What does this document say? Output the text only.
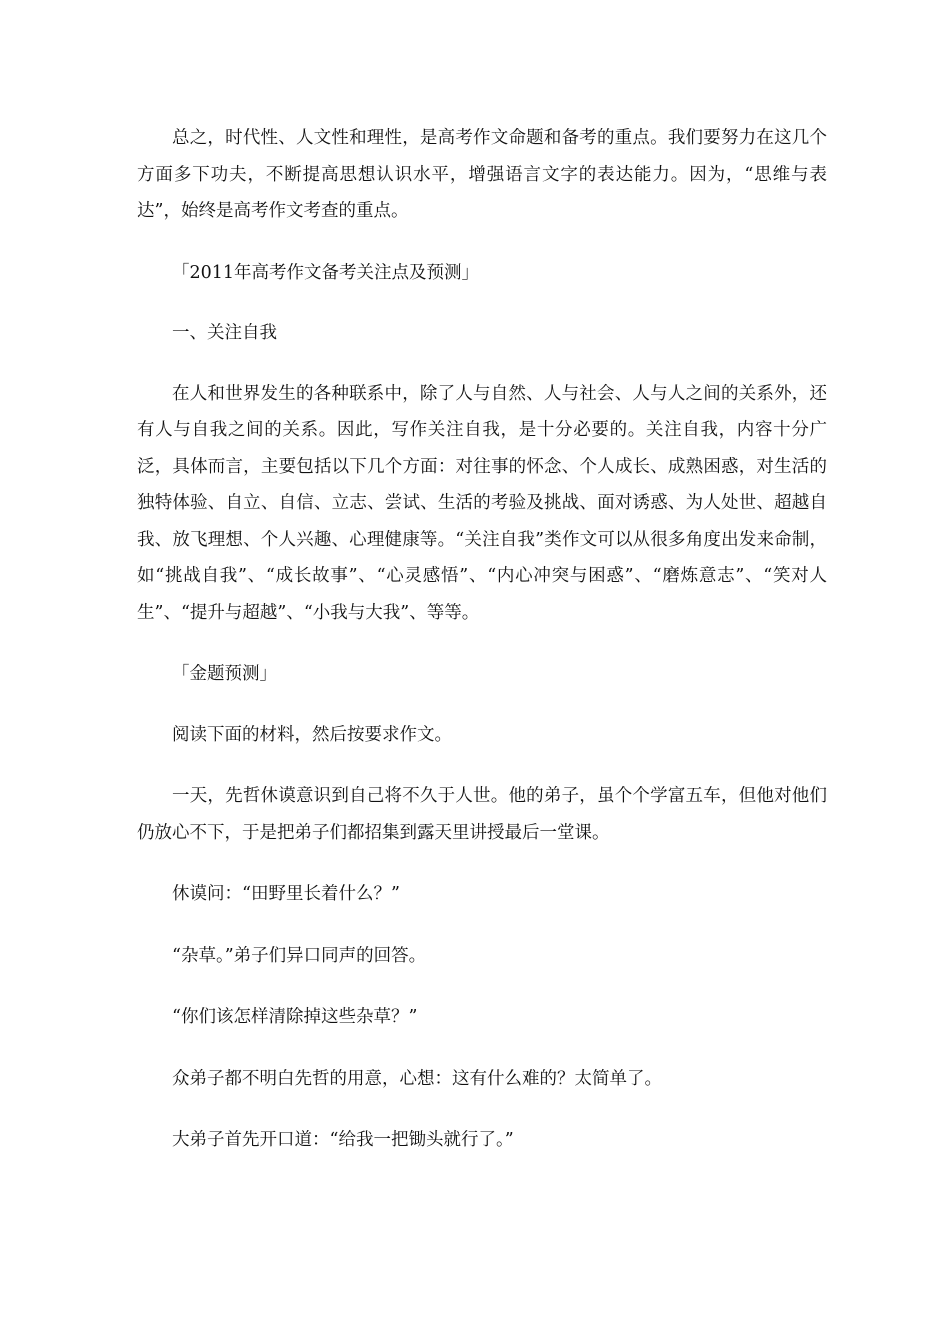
总之，时代性、人文性和理性，是高考作文命题和备考的重点。我们要努力在这几个方面多下功夫，不断提高思想认识水平，增强语言文字的表达能力。因为，“思维与表达”，始终是高考作文考查的重点。

「2011年高考作文备考关注点及预测」

一、关注自我

在人和世界发生的各种联系中，除了人与自然、人与社会、人与人之间的关系外，还有人与自我之间的关系。因此，写作关注自我，是十分必要的。关注自我，内容十分广泛，具体而言，主要包括以下几个方面：对往事的怀念、个人成长、成熟困惑，对生活的独特体验、自立、自信、立志、尝试、生活的考验及挑战、面对诱惑、为人处世、超越自我、放飞理想、个人兴趣、心理健康等。“关注自我”类作文可以从很多角度出发来命制，如“挑战自我”、“成长故事”、“心灵感悟”、“内心冲突与困惑”、“磨炼意志”、“笑对人生”、“提升与超越”、“小我与大我”、等等。

「金题预测」

阅读下面的材料，然后按要求作文。

一天，先哲休谟意识到自己将不久于人世。他的弟子，虽个个学富五车，但他对他们仍放心不下，于是把弟子们都招集到露天里讲授最后一堂课。

休谟问：“田野里长着什么？”

“杂草。”弟子们异口同声的回答。

“你们该怎样清除掉这些杂草？”

众弟子都不明白先哲的用意，心想：这有什么难的？太简单了。

大弟子首先开口道：“给我一把锄头就行了。”
